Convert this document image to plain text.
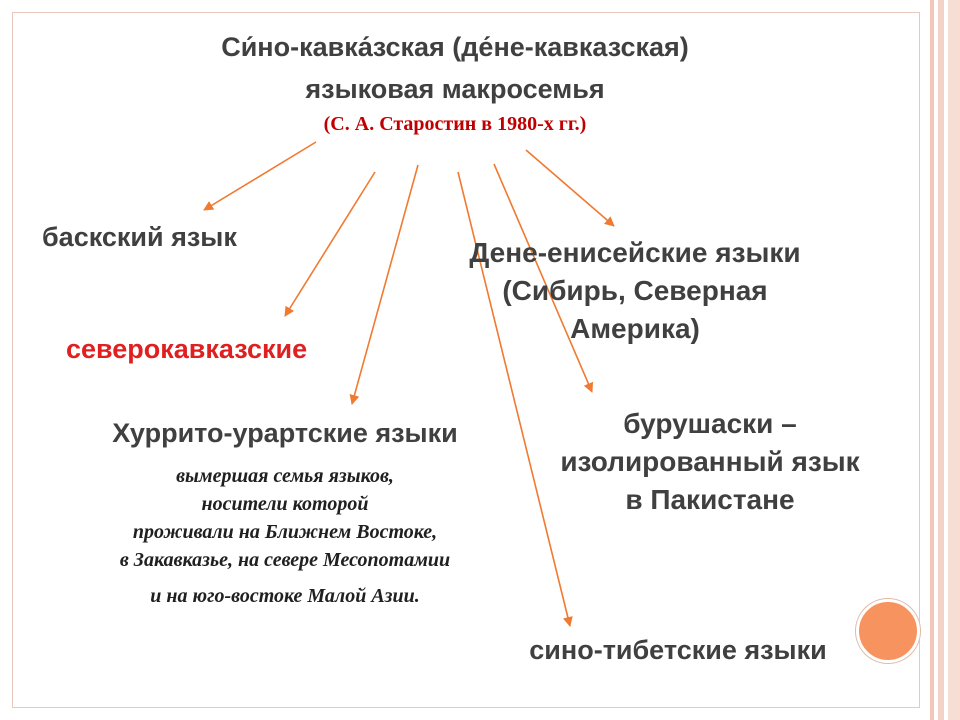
Си́но-кавка́зская (де́не-кавказская)
языковая макросемья
(С. А. Старостин в 1980-х гг.)
баскский язык
северокавказские
Дене-енисейские языки
(Сибирь, Северная
Америка)
Хуррито-урартские языки
вымершая семья языков,
носители которой
проживали на Ближнем Востоке,
в Закавказье, на севере Месопотамии
и на юго-востоке Малой Азии.
бурушаски –
изолированный язык
в Пакистане
сино-тибетские языки
